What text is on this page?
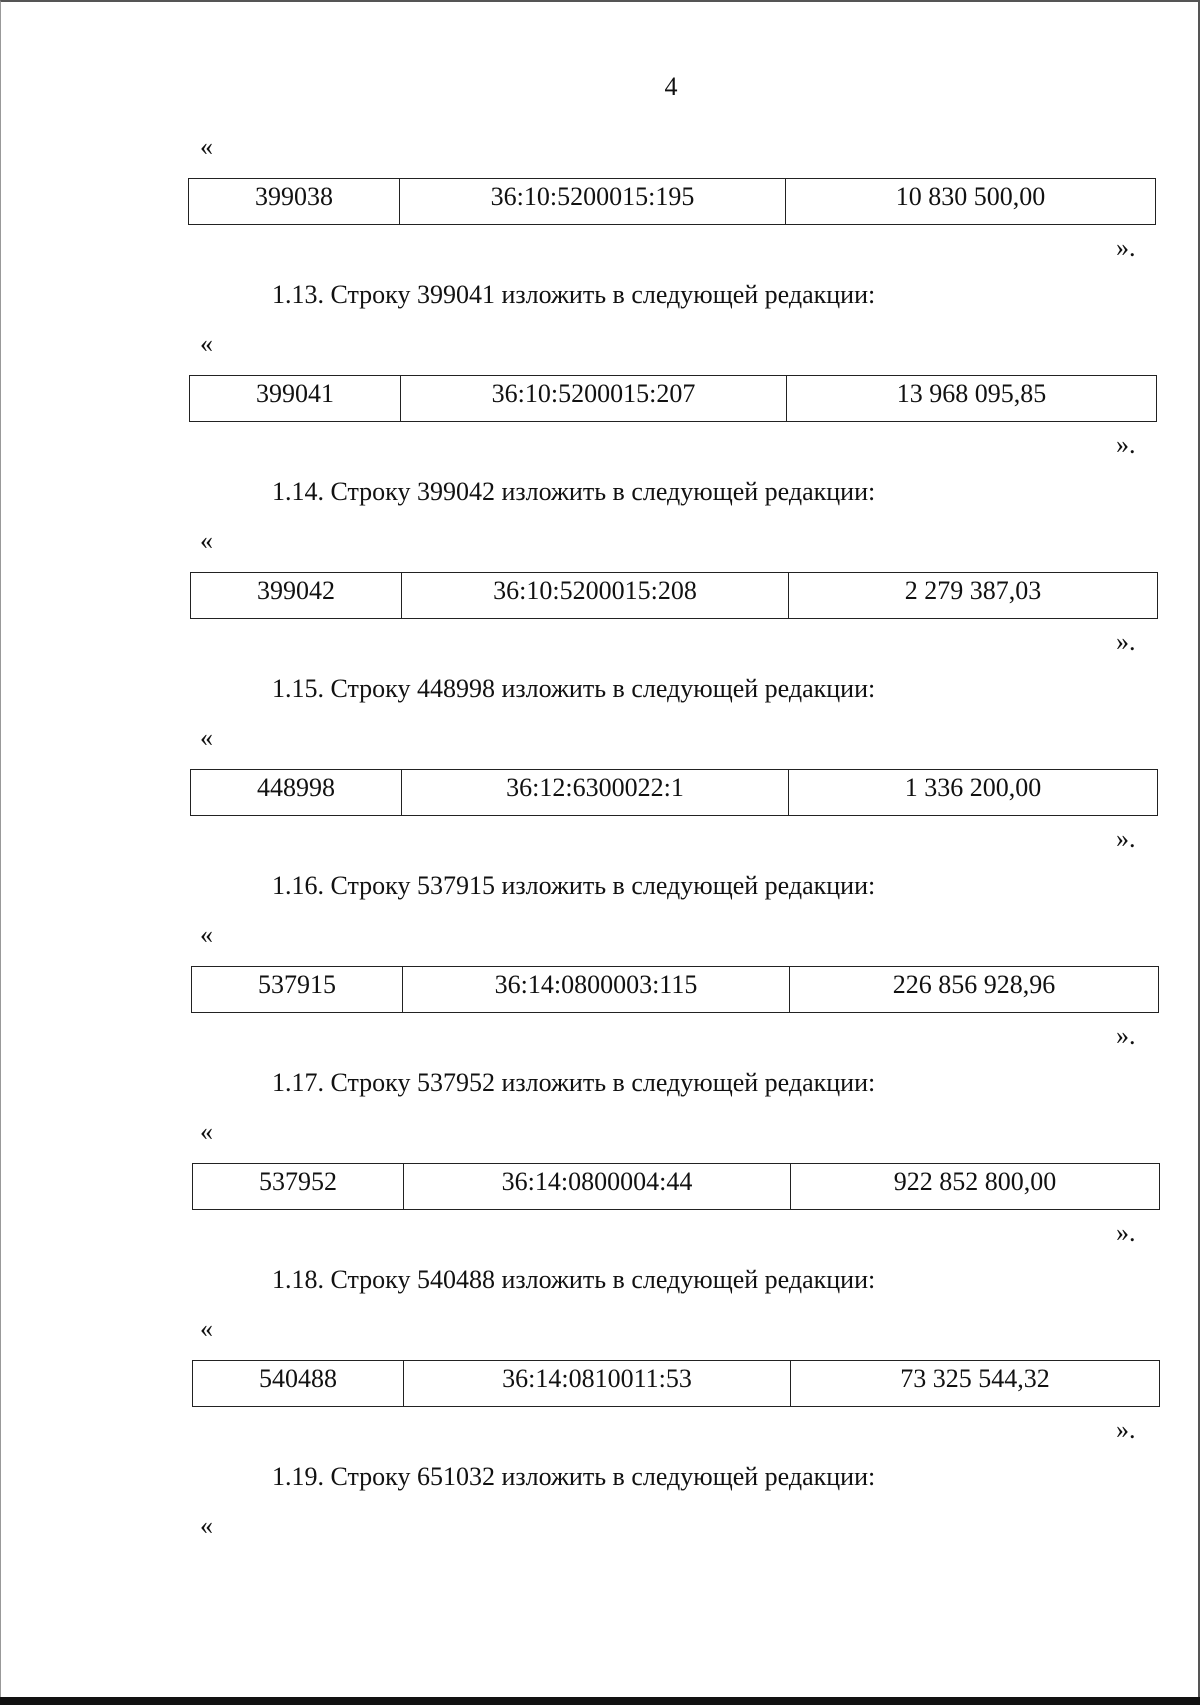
4
«
399038	36:10:5200015:195	10 830 500,00
».
1.13. Строку 399041 изложить в следующей редакции:
«
399041	36:10:5200015:207	13 968 095,85
».
1.14. Строку 399042 изложить в следующей редакции:
«
399042	36:10:5200015:208	2 279 387,03
».
1.15. Строку 448998 изложить в следующей редакции:
«
448998	36:12:6300022:1	1 336 200,00
».
1.16. Строку 537915 изложить в следующей редакции:
«
537915	36:14:0800003:115	226 856 928,96
».
1.17. Строку 537952 изложить в следующей редакции:
«
537952	36:14:0800004:44	922 852 800,00
».
1.18. Строку 540488 изложить в следующей редакции:
«
540488	36:14:0810011:53	73 325 544,32
».
1.19. Строку 651032 изложить в следующей редакции:
«
